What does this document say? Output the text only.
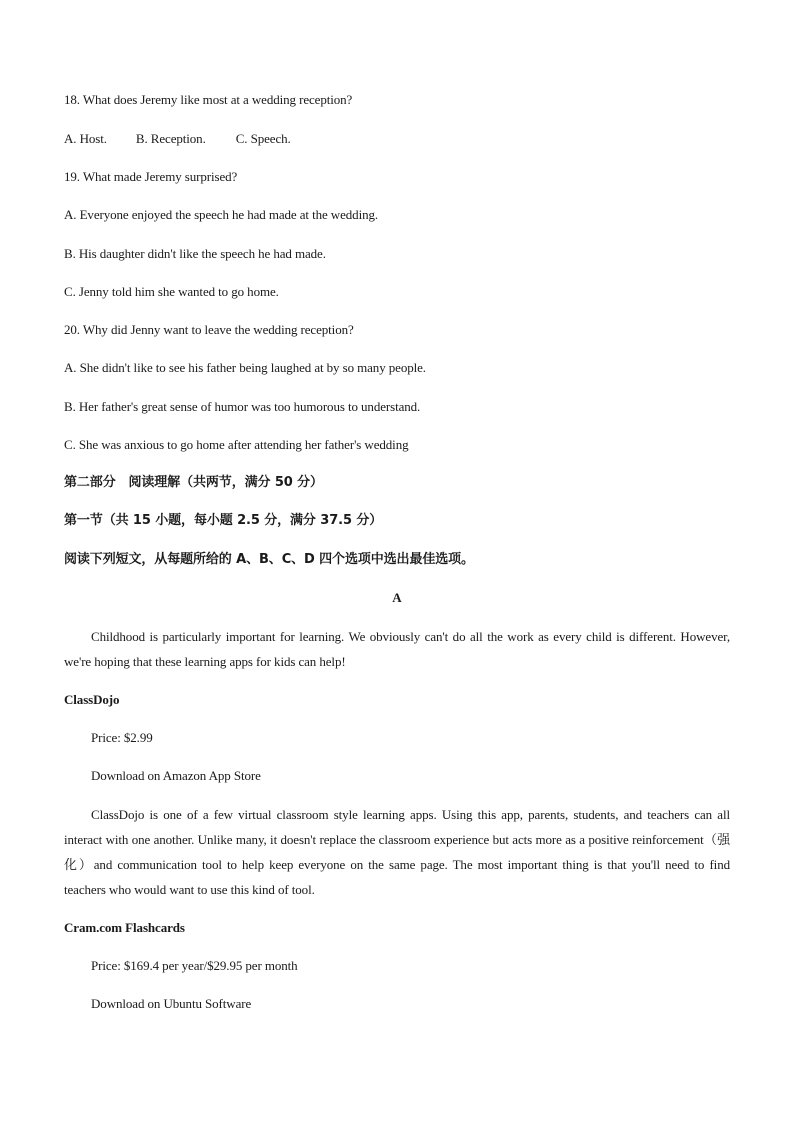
18. What does Jeremy like most at a wedding reception?
A. Host. B. Reception. C. Speech.
19. What made Jeremy surprised?
A. Everyone enjoyed the speech he had made at the wedding.
B. His daughter didn't like the speech he had made.
C. Jenny told him she wanted to go home.
20. Why did Jenny want to leave the wedding reception?
A. She didn't like to see his father being laughed at by so many people.
B. Her father's great sense of humor was too humorous to understand.
C. She was anxious to go home after attending her father's wedding
第二部分　阅读理解（共两节，满分 50 分）
第一节（共 15 小题，每小题 2.5 分，满分 37.5 分）
阅读下列短文，从每题所给的 A、B、C、D 四个选项中选出最佳选项。
A
Childhood is particularly important for learning. We obviously can't do all the work as every child is different. However, we're hoping that these learning apps for kids can help!
ClassDojo
Price: $2.99
Download on Amazon App Store
ClassDojo is one of a few virtual classroom style learning apps. Using this app, parents, students, and teachers can all interact with one another. Unlike many, it doesn't replace the classroom experience but acts more as a positive reinforcement（强化）and communication tool to help keep everyone on the same page. The most important thing is that you'll need to find teachers who would want to use this kind of tool.
Cram.com Flashcards
Price: $169.4 per year/$29.95 per month
Download on Ubuntu Software
